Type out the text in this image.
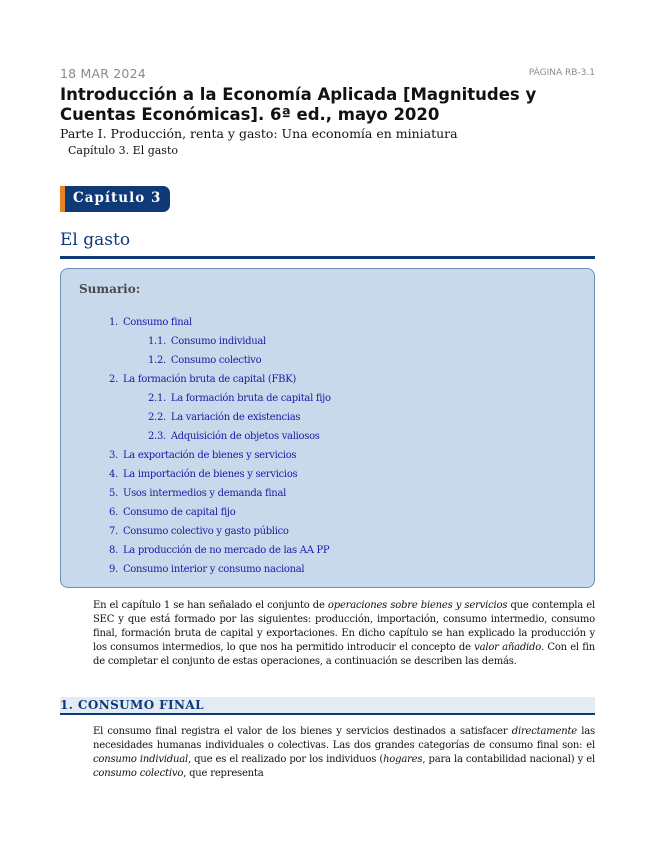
18 MAR 2024	PÁGINA RB-3.1
Introducción a la Economía Aplicada [Magnitudes y Cuentas Económicas]. 6ª ed., mayo 2020
Parte I. Producción, renta y gasto: Una economía en miniatura
Capítulo 3. El gasto
Capítulo 3
El gasto
Sumario:
1. Consumo final
1.1. Consumo individual
1.2. Consumo colectivo
2. La formación bruta de capital (FBK)
2.1. La formación bruta de capital fijo
2.2. La variación de existencias
2.3. Adquisición de objetos valiosos
3. La exportación de bienes y servicios
4. La importación de bienes y servicios
5. Usos intermedios y demanda final
6. Consumo de capital fijo
7. Consumo colectivo y gasto público
8. La producción de no mercado de las AA PP
9. Consumo interior y consumo nacional

En el capítulo 1 se han señalado el conjunto de operaciones sobre bienes y servicios que contempla el SEC y que está formado por las siguientes: producción, importación, consumo intermedio, consumo final, formación bruta de capital y exportaciones. En dicho capítulo se han explicado la producción y los consumos intermedios, lo que nos ha permitido introducir el concepto de valor añadido. Con el fin de completar el conjunto de estas operaciones, a continuación se describen las demás.

1. CONSUMO FINAL

El consumo final registra el valor de los bienes y servicios destinados a satisfacer directamente las necesidades humanas individuales o colectivas. Las dos grandes categorías de consumo final son: el consumo individual, que es el realizado por los individuos (hogares, para la contabilidad nacional) y el consumo colectivo, que representa
